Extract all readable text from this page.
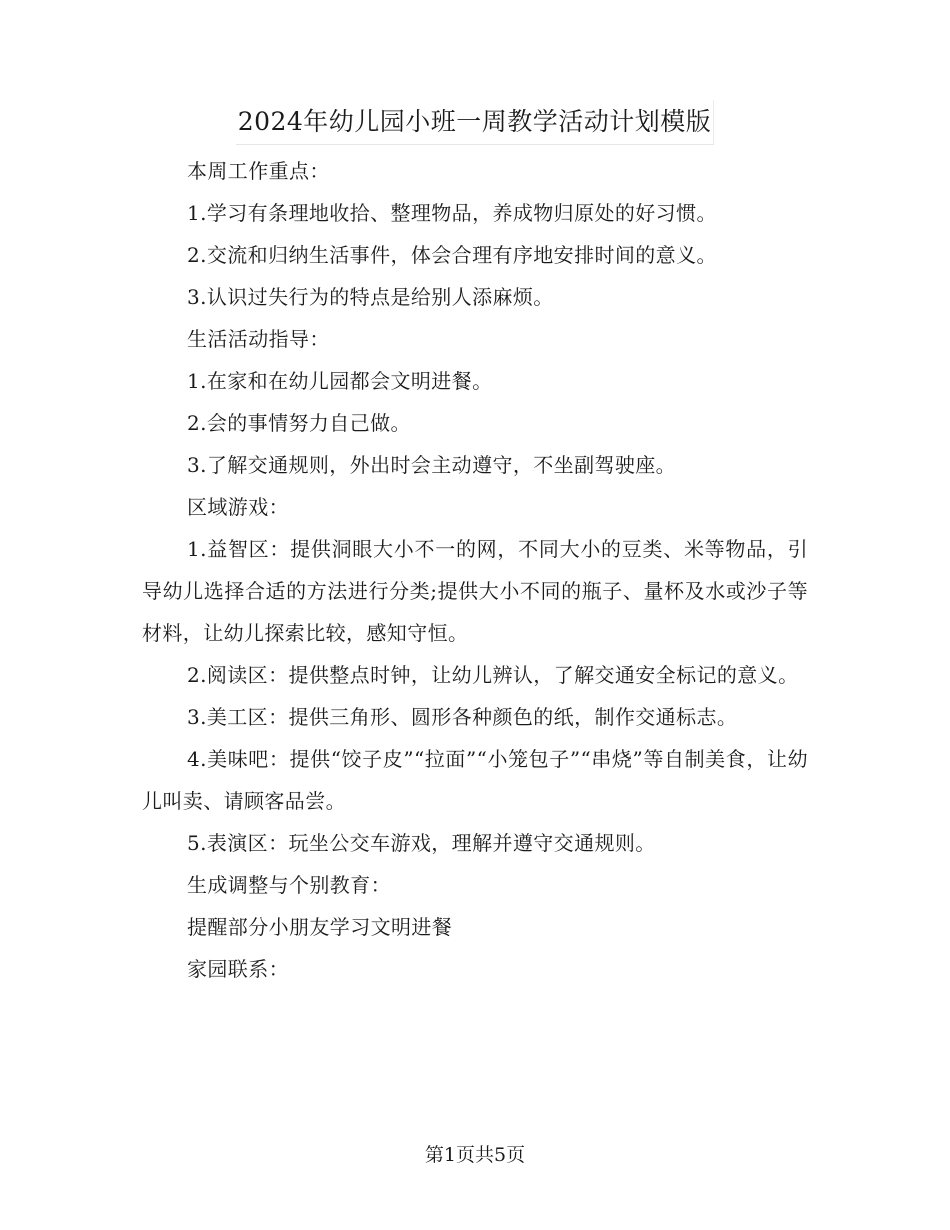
2024年幼儿园小班一周教学活动计划模版

本周工作重点：

1.学习有条理地收拾、整理物品，养成物归原处的好习惯。

2.交流和归纳生活事件，体会合理有序地安排时间的意义。

3.认识过失行为的特点是给别人添麻烦。

生活活动指导：

1.在家和在幼儿园都会文明进餐。

2.会的事情努力自己做。

3.了解交通规则，外出时会主动遵守，不坐副驾驶座。

区域游戏：

1.益智区：提供洞眼大小不一的网，不同大小的豆类、米等物品，引导幼儿选择合适的方法进行分类;提供大小不同的瓶子、量杯及水或沙子等材料，让幼儿探索比较，感知守恒。

2.阅读区：提供整点时钟，让幼儿辨认，了解交通安全标记的意义。

3.美工区：提供三角形、圆形各种颜色的纸，制作交通标志。

4.美味吧：提供“饺子皮”“拉面”“小笼包子”“串烧”等自制美食，让幼儿叫卖、请顾客品尝。

5.表演区：玩坐公交车游戏，理解并遵守交通规则。

生成调整与个别教育：

提醒部分小朋友学习文明进餐

家园联系：

第1页共5页
